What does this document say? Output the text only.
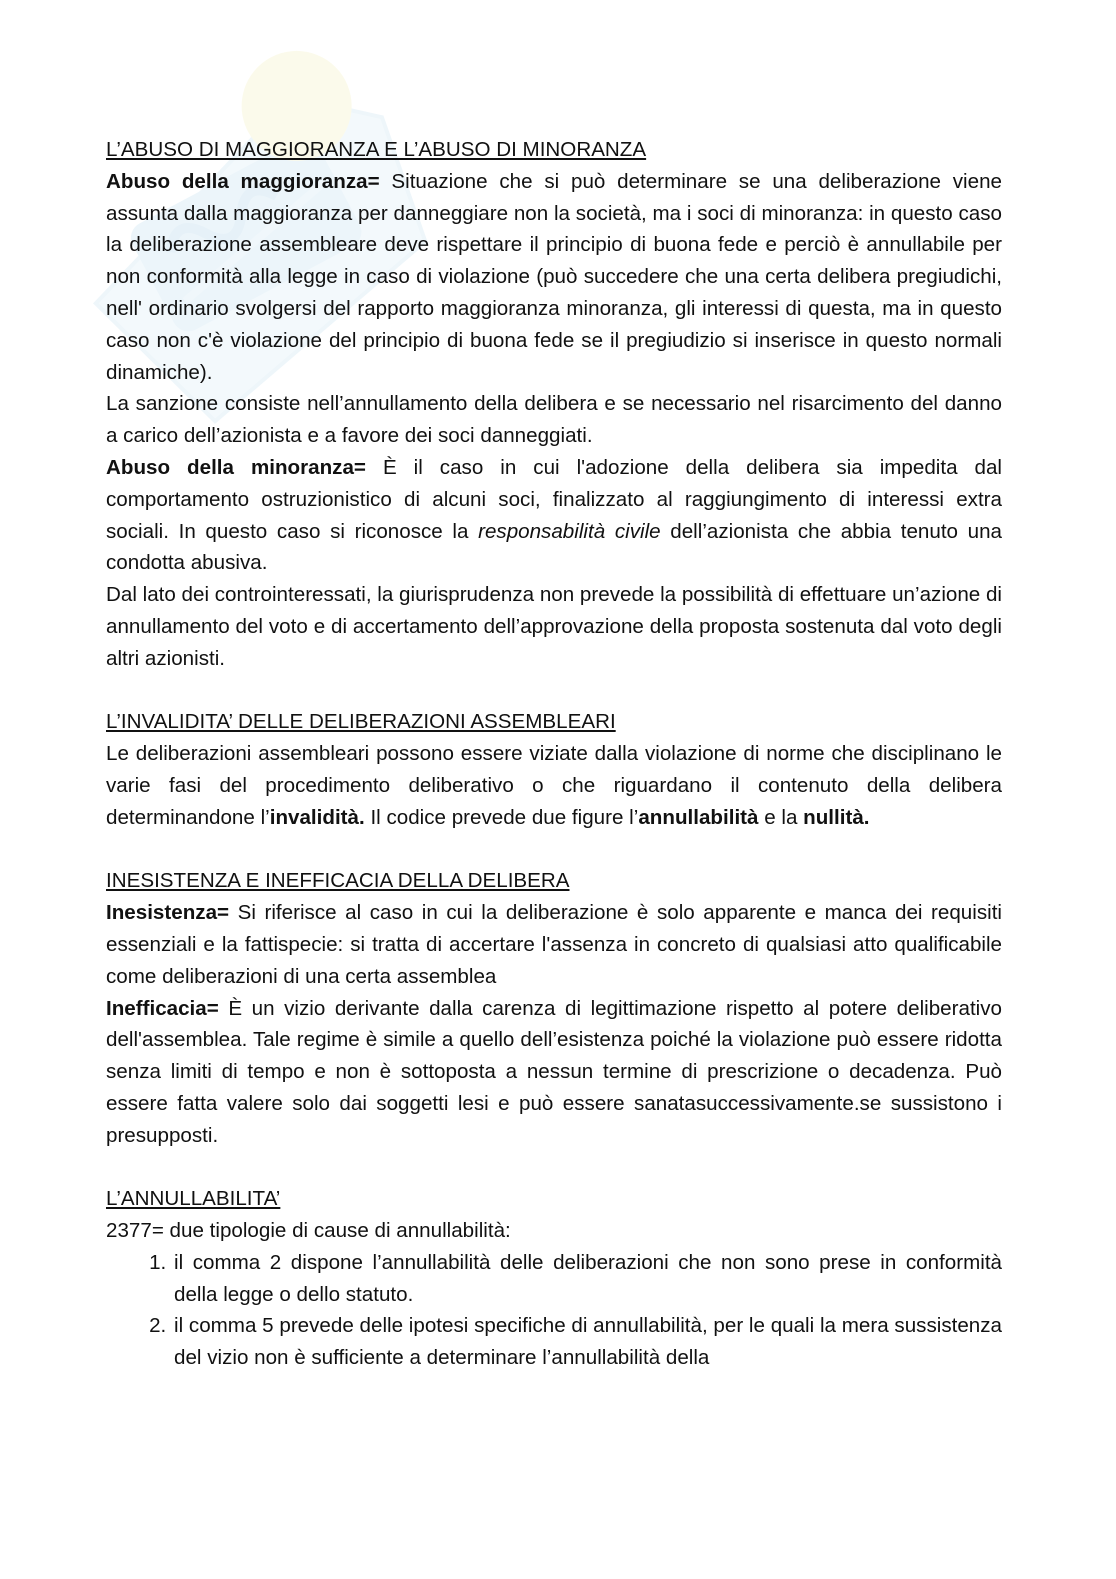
L’ABUSO DI MAGGIORANZA E L’ABUSO DI MINORANZA

Abuso della maggioranza= Situazione che si può determinare se una deliberazione viene assunta dalla maggioranza per danneggiare non la società, ma i soci di minoranza: in questo caso la deliberazione assembleare deve rispettare il principio di buona fede e perciò è annullabile per non conformità alla legge in caso di violazione (può succedere che una certa delibera pregiudichi, nell' ordinario svolgersi del rapporto maggioranza minoranza, gli interessi di questa, ma in questo caso non c'è violazione del principio di buona fede se il pregiudizio si inserisce in questo normali dinamiche).

La sanzione consiste nell’annullamento della delibera e se necessario nel risarcimento del danno a carico dell’azionista e a favore dei soci danneggiati.

Abuso della minoranza= È il caso in cui l'adozione della delibera sia impedita dal comportamento ostruzionistico di alcuni soci, finalizzato al raggiungimento di interessi extra sociali. In questo caso si riconosce la responsabilità civile dell’azionista che abbia tenuto una condotta abusiva.

Dal lato dei controinteressati, la giurisprudenza non prevede la possibilità di effettuare un’azione di annullamento del voto e di accertamento dell’approvazione della proposta sostenuta dal voto degli altri azionisti.

L’INVALIDITA’ DELLE DELIBERAZIONI ASSEMBLEARI

Le deliberazioni assembleari possono essere viziate dalla violazione di norme che disciplinano le varie fasi del procedimento deliberativo o che riguardano il contenuto della delibera determinandone l’invalidità. Il codice prevede due figure l’annullabilità e la nullità.

INESISTENZA E INEFFICACIA DELLA DELIBERA

Inesistenza= Si riferisce al caso in cui la deliberazione è solo apparente e manca dei requisiti essenziali e la fattispecie: si tratta di accertare l'assenza in concreto di qualsiasi atto qualificabile come deliberazioni di una certa assemblea

Inefficacia= È un vizio derivante dalla carenza di legittimazione rispetto al potere deliberativo dell'assemblea. Tale regime è simile a quello dell’esistenza poiché la violazione può essere ridotta senza limiti di tempo e non è sottoposta a nessun termine di prescrizione o decadenza. Può essere fatta valere solo dai soggetti lesi e può essere sanatasuccessivamente.se sussistono i presupposti.

L’ANNULLABILITA’

2377= due tipologie di cause di annullabilità:

1. il comma 2 dispone l’annullabilità delle deliberazioni che non sono prese in conformità della legge o dello statuto.
2. il comma 5 prevede delle ipotesi specifiche di annullabilità, per le quali la mera sussistenza del vizio non è sufficiente a determinare l’annullabilità della
